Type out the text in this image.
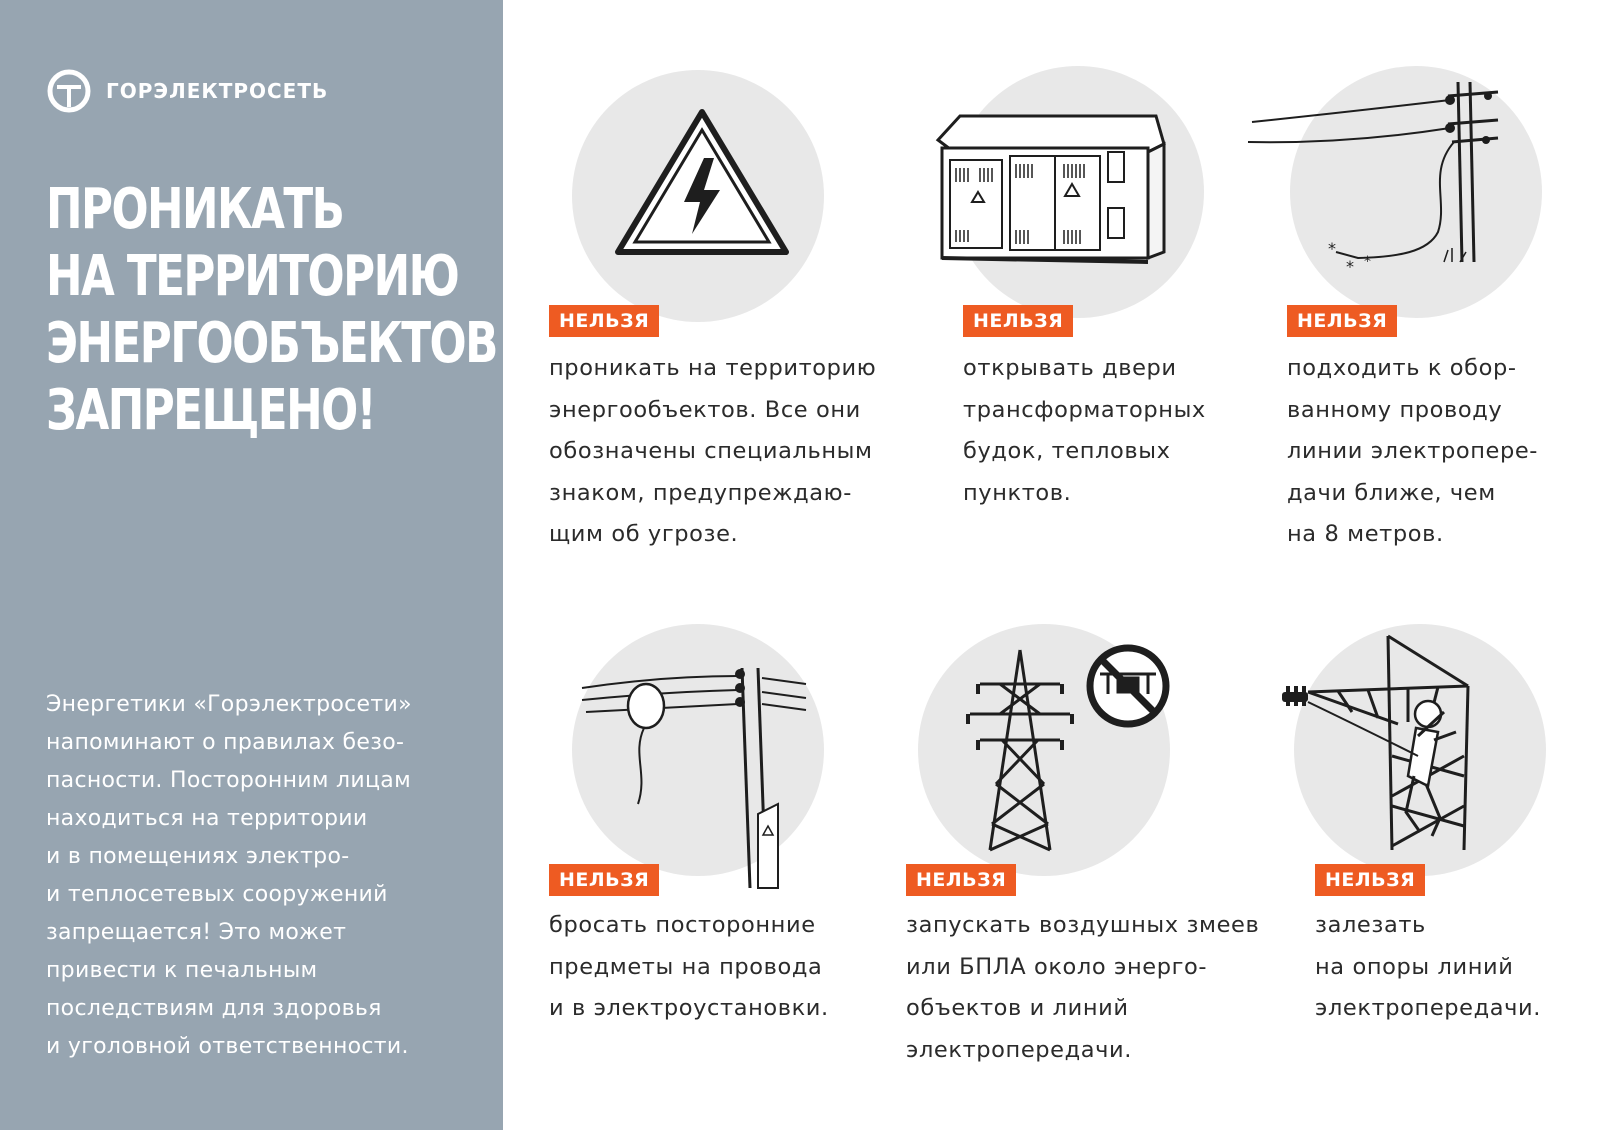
ГОРЭЛЕКТРОСЕТЬ
ПРОНИКАТЬ
НА ТЕРРИТОРИЮ
ЭНЕРГООБЪЕКТОВ –
ЗАПРЕЩЕНО!
Энергетики «Горэлектросети»
напоминают о правилах безо-
пасности. Посторонним лицам
находиться на территории
и в помещениях электро-
и теплосетевых сооружений
запрещается! Это может
привести к печальным
последствиям для здоровья
и уголовной ответственности.
НЕЛЬЗЯ
проникать на территорию
энергообъектов. Все они
обозначены специальным
знаком, предупреждаю-
щим об угрозе.
НЕЛЬЗЯ
открывать двери
трансформаторных
будок, тепловых
пунктов.
*
* *
НЕЛЬЗЯ
подходить к обор-
ванному проводу
линии электропере-
дачи ближе, чем
на 8 метров.
НЕЛЬЗЯ
бросать посторонние
предметы на провода
и в электроустановки.
НЕЛЬЗЯ
запускать воздушных змеев
или БПЛА около энерго-
объектов и линий
электропередачи.
НЕЛЬЗЯ
залезать
на опоры линий
электропередачи.
